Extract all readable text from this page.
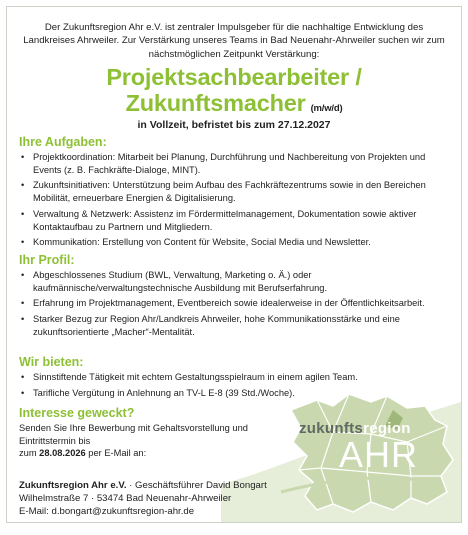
Der Zukunftsregion Ahr e.V. ist zentraler Impulsgeber für die nachhaltige Entwicklung des Landkreises Ahrweiler. Zur Verstärkung unseres Teams in Bad Neuenahr-Ahrweiler suchen wir zum nächstmöglichen Zeitpunkt Verstärkung:
Projektsachbearbeiter /
Zukunftsmacher (m/w/d)
in Vollzeit, befristet bis zum 27.12.2027
Ihre Aufgaben:
• Projektkoordination: Mitarbeit bei Planung, Durchführung und Nachbereitung von Projekten und Events (z. B. Fachkräfte-Dialoge, MINT).
• Zukunftsinitiativen: Unterstützung beim Aufbau des Fachkräftezentrums sowie in den Bereichen Mobilität, erneuerbare Energien & Digitalisierung.
• Verwaltung & Netzwerk: Assistenz im Fördermittelmanagement, Dokumentation sowie aktiver Kontaktaufbau zu Partnern und Mitgliedern.
• Kommunikation: Erstellung von Content für Website, Social Media und Newsletter.
Ihr Profil:
• Abgeschlossenes Studium (BWL, Verwaltung, Marketing o. Ä.) oder kaufmännische/verwaltungstechnische Ausbildung mit Berufserfahrung.
• Erfahrung im Projektmanagement, Eventbereich sowie idealerweise in der Öffentlichkeitsarbeit.
• Starker Bezug zur Region Ahr/Landkreis Ahrweiler, hohe Kommunikationsstärke und eine zukunftsorientierte „Macher“-Mentalität.
Wir bieten:
• Sinnstiftende Tätigkeit mit echtem Gestaltungsspielraum in einem agilen Team.
• Tarifliche Vergütung in Anlehnung an TV-L E-8 (39 Std./Woche).
Interesse geweckt?

Senden Sie Ihre Bewerbung mit Gehaltsvorstellung und Eintrittstermin bis
zum 28.08.2026 per E-Mail an:

zukunftsregion
AHR
Zukunftsregion Ahr e.V. · Geschäftsführer David Bongart
Wilhelmstraße 7 · 53474 Bad Neuenahr-Ahrweiler
E-Mail: d.bongart@zukunftsregion-ahr.de
